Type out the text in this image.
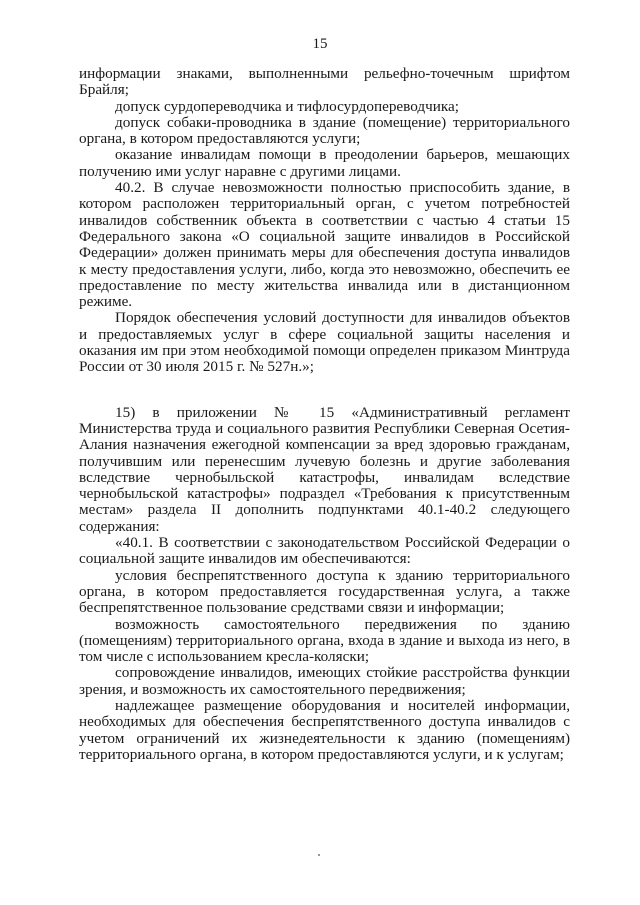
15

информации знаками, выполненными рельефно-точечным шрифтом Брайля;

допуск сурдопереводчика и тифлосурдопереводчика;

допуск собаки-проводника в здание (помещение) территориального органа, в котором предоставляются услуги;

оказание инвалидам помощи в преодолении барьеров, мешающих получению ими услуг наравне с другими лицами.

40.2. В случае невозможности полностью приспособить здание, в котором расположен территориальный орган, с учетом потребностей инвалидов собственник объекта в соответствии с частью 4 статьи 15 Федерального закона «О социальной защите инвалидов в Российской Федерации» должен принимать меры для обеспечения доступа инвалидов к месту предоставления услуги, либо, когда это невозможно, обеспечить ее предоставление по месту жительства инвалида или в дистанционном режиме.

Порядок обеспечения условий доступности для инвалидов объектов и предоставляемых услуг в сфере социальной защиты населения и оказания им при этом необходимой помощи определен приказом Минтруда России от 30 июля 2015 г. № 527н.»;

15) в приложении № 15 «Административный регламент Министерства труда и социального развития Республики Северная Осетия-Алания назначения ежегодной компенсации за вред здоровью гражданам, получившим или перенесшим лучевую болезнь и другие заболевания вследствие чернобыльской катастрофы, инвалидам вследствие чернобыльской катастрофы» подраздел «Требования к присутственным местам» раздела II дополнить подпунктами 40.1-40.2 следующего содержания:

«40.1. В соответствии с законодательством Российской Федерации о социальной защите инвалидов им обеспечиваются:

условия беспрепятственного доступа к зданию территориального органа, в котором предоставляется государственная услуга, а также беспрепятственное пользование средствами связи и информации;

возможность самостоятельного передвижения по зданию (помещениям) территориального органа, входа в здание и выхода из него, в том числе с использованием кресла-коляски;

сопровождение инвалидов, имеющих стойкие расстройства функции зрения, и возможность их самостоятельного передвижения;

надлежащее размещение оборудования и носителей информации, необходимых для обеспечения беспрепятственного доступа инвалидов с учетом ограничений их жизнедеятельности к зданию (помещениям) территориального органа, в котором предоставляются услуги, и к услугам;
